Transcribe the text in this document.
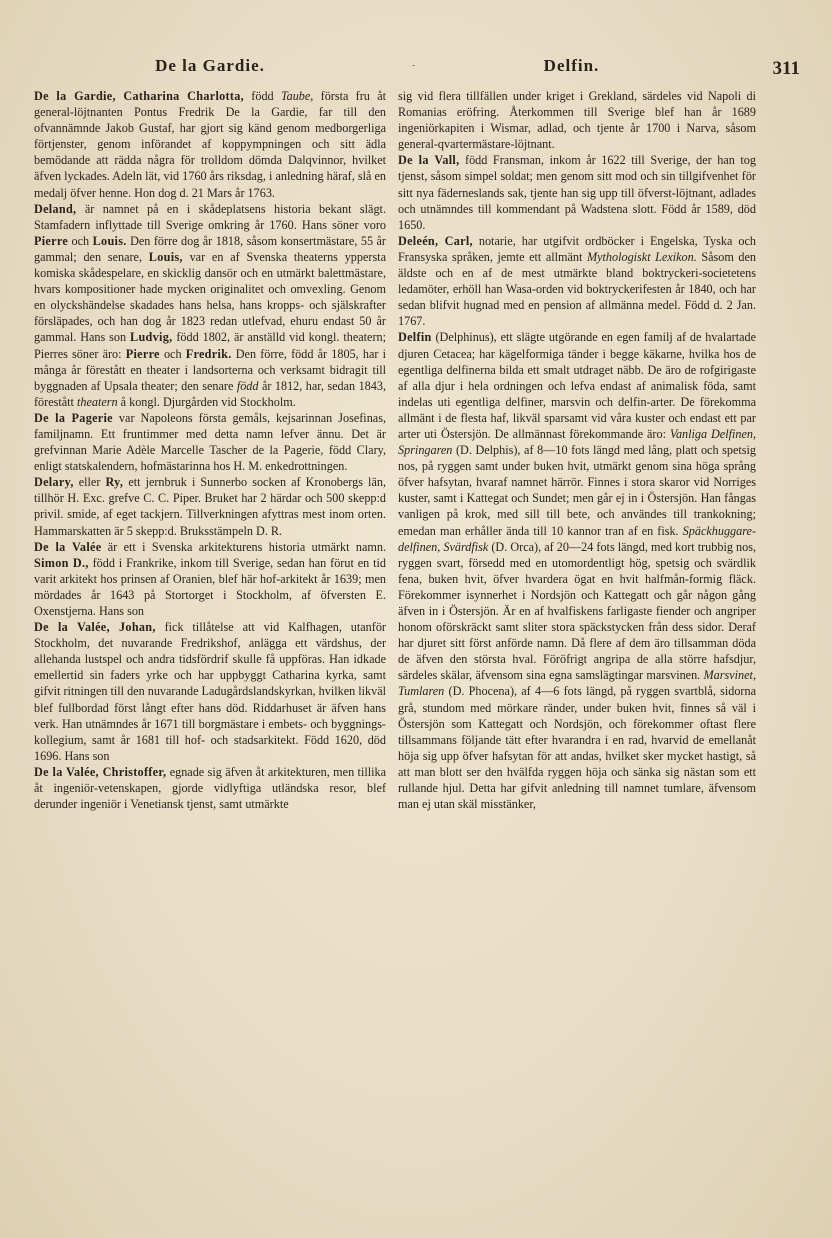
De la Gardie.	-	Delfin.	311

De la Gardie, Catharina Charlotta, född Taube, första fru åt general-löjtnanten Pontus Fredrik De la Gardie, far till den ofvannämnde Jakob Gustaf, har gjort sig känd genom medborgerliga förtjenster, genom införandet af koppympningen och sitt ädla bemödande att rädda några för trolldom dömda Dalqvinnor, hvilket äfven lyckades. Adeln lät, vid 1760 års riksdag, i anledning häraf, slå en medalj öfver henne. Hon dog d. 21 Mars år 1763.

Deland, är namnet på en i skådeplatsens historia bekant slägt. Stamfadern inflyttade till Sverige omkring år 1760. Hans söner voro Pierre och Louis. Den förre dog år 1818, såsom konsertmästare, 55 år gammal; den senare, Louis, var en af Svenska theaterns yppersta komiska skådespelare, en skicklig dansör och en utmärkt balettmästare, hvars kompositioner hade mycken originalitet och omvexling. Genom en olyckshändelse skadades hans helsa, hans kropps- och själskrafter försläpades, och han dog år 1823 redan utlefvad, ehuru endast 50 år gammal. Hans son Ludvig, född 1802, är anställd vid kongl. theatern; Pierres söner äro: Pierre och Fredrik. Den förre, född år 1805, har i många år förestått en theater i landsorterna och verksamt bidragit till byggnaden af Upsala theater; den senare född år 1812, har, sedan 1843, förestått theatern å kongl. Djurgården vid Stockholm.

De la Pagerie var Napoleons första gemåls, kejsarinnan Josefinas, familjnamn. Ett fruntimmer med detta namn lefver ännu. Det är grefvinnan Marie Adèle Marcelle Tascher de la Pagerie, född Clary, enligt statskalendern, hofmästarinna hos H. M. enkedrottningen.

Delary, eller Ry, ett jernbruk i Sunnerbo socken af Kronobergs län, tillhör H. Exc. grefve C. C. Piper. Bruket har 2 härdar och 500 skepp:d privil. smide, af eget tackjern. Tillverkningen afyttras mest inom orten. Hammarskatten är 5 skepp:d. Bruksstämpeln D. R.

De la Valée är ett i Svenska arkitekturens historia utmärkt namn. Simon D., född i Frankrike, inkom till Sverige, sedan han förut en tid varit arkitekt hos prinsen af Oranien, blef här hof-arkitekt år 1639; men mördades år 1643 på Stortorget i Stockholm, af öfversten E. Oxenstjerna. Hans son

De la Valée, Johan, fick tillåtelse att vid Kalfhagen, utanför Stockholm, det nuvarande Fredrikshof, anlägga ett värdshus, der allehanda lustspel och andra tidsfördrif skulle få uppföras. Han idkade emellertid sin faders yrke och har uppbyggt Catharina kyrka, samt gifvit ritningen till den nuvarande Ladugårdslandskyrkan, hvilken likväl blef fullbordad först långt efter hans död. Riddarhuset är äfven hans verk. Han utnämndes år 1671 till borgmästare i embets- och byggnings-kollegium, samt år 1681 till hof- och stadsarkitekt. Född 1620, död 1696. Hans son

De la Valée, Christoffer, egnade sig äfven åt arkitekturen, men tillika åt ingeniör-vetenskapen, gjorde vidlyftiga utländska resor, blef derunder ingeniör i Venetiansk tjenst, samt utmärkte

sig vid flera tillfällen under kriget i Grekland, särdeles vid Napoli di Romanias eröfring. Återkommen till Sverige blef han år 1689 ingeniörkapiten i Wismar, adlad, och tjente år 1700 i Narva, såsom general-qvartermästare-löjtnant.

De la Vall, född Fransman, inkom år 1622 till Sverige, der han tog tjenst, såsom simpel soldat; men genom sitt mod och sin tillgifvenhet för sitt nya fäderneslands sak, tjente han sig upp till öfverst-löjtnant, adlades och utnämndes till kommendant på Wadstena slott. Född år 1589, död 1650.

Deleén, Carl, notarie, har utgifvit ordböcker i Engelska, Tyska och Fransyska språken, jemte ett allmänt Mythologiskt Lexikon. Såsom den äldste och en af de mest utmärkte bland boktryckeri-societetens ledamöter, erhöll han Wasa-orden vid boktryckerifesten år 1840, och har sedan blifvit hugnad med en pension af allmänna medel. Född d. 2 Jan. 1767.

Delfin (Delphinus), ett slägte utgörande en egen familj af de hvalartade djuren Cetacea; har kägelformiga tänder i begge käkarne, hvilka hos de egentliga delfinerna bilda ett smalt utdraget näbb. De äro de rofgirigaste af alla djur i hela ordningen och lefva endast af animalisk föda, samt indelas uti egentliga delfiner, marsvin och delfin-arter. De förekomma allmänt i de flesta haf, likväl sparsamt vid våra kuster och endast ett par arter uti Östersjön. De allmännast förekommande äro: Vanliga Delfinen, Springaren (D. Delphis), af 8—10 fots längd med lång, platt och spetsig nos, på ryggen samt under buken hvit, utmärkt genom sina höga språng öfver hafsytan, hvaraf namnet härrör. Finnes i stora skaror vid Norriges kuster, samt i Kattegat och Sundet; men går ej in i Östersjön. Han fångas vanligen på krok, med sill till bete, och användes till trankokning; emedan man erhåller ända till 10 kannor tran af en fisk. Späckhuggare-delfinen, Svärdfisk (D. Orca), af 20—24 fots längd, med kort trubbig nos, ryggen svart, försedd med en utomordentligt hög, spetsig och svärdlik fena, buken hvit, öfver hvardera ögat en hvit halfmån-formig fläck. Förekommer isynnerhet i Nordsjön och Kattegatt och går någon gång äfven in i Östersjön. Är en af hvalfiskens farligaste fiender och angriper honom oförskräckt samt sliter stora späckstycken från dess sidor. Deraf har djuret sitt först anförde namn. Då flere af dem äro tillsamman döda de äfven den största hval. Föröfrigt angripa de alla större hafsdjur, särdeles skälar, äfvensom sina egna samslägtingar marsvinen. Marsvinet, Tumlaren (D. Phocena), af 4—6 fots längd, på ryggen svartblå, sidorna grå, stundom med mörkare ränder, under buken hvit, finnes så väl i Östersjön som Kattegatt och Nordsjön, och förekommer oftast flere tillsammans följande tätt efter hvarandra i en rad, hvarvid de emellanåt höja sig upp öfver hafsytan för att andas, hvilket sker mycket hastigt, så att man blott ser den hvälfda ryggen höja och sänka sig nästan som ett rullande hjul. Detta har gifvit anledning till namnet tumlare, äfvensom man ej utan skäl misstänker,
